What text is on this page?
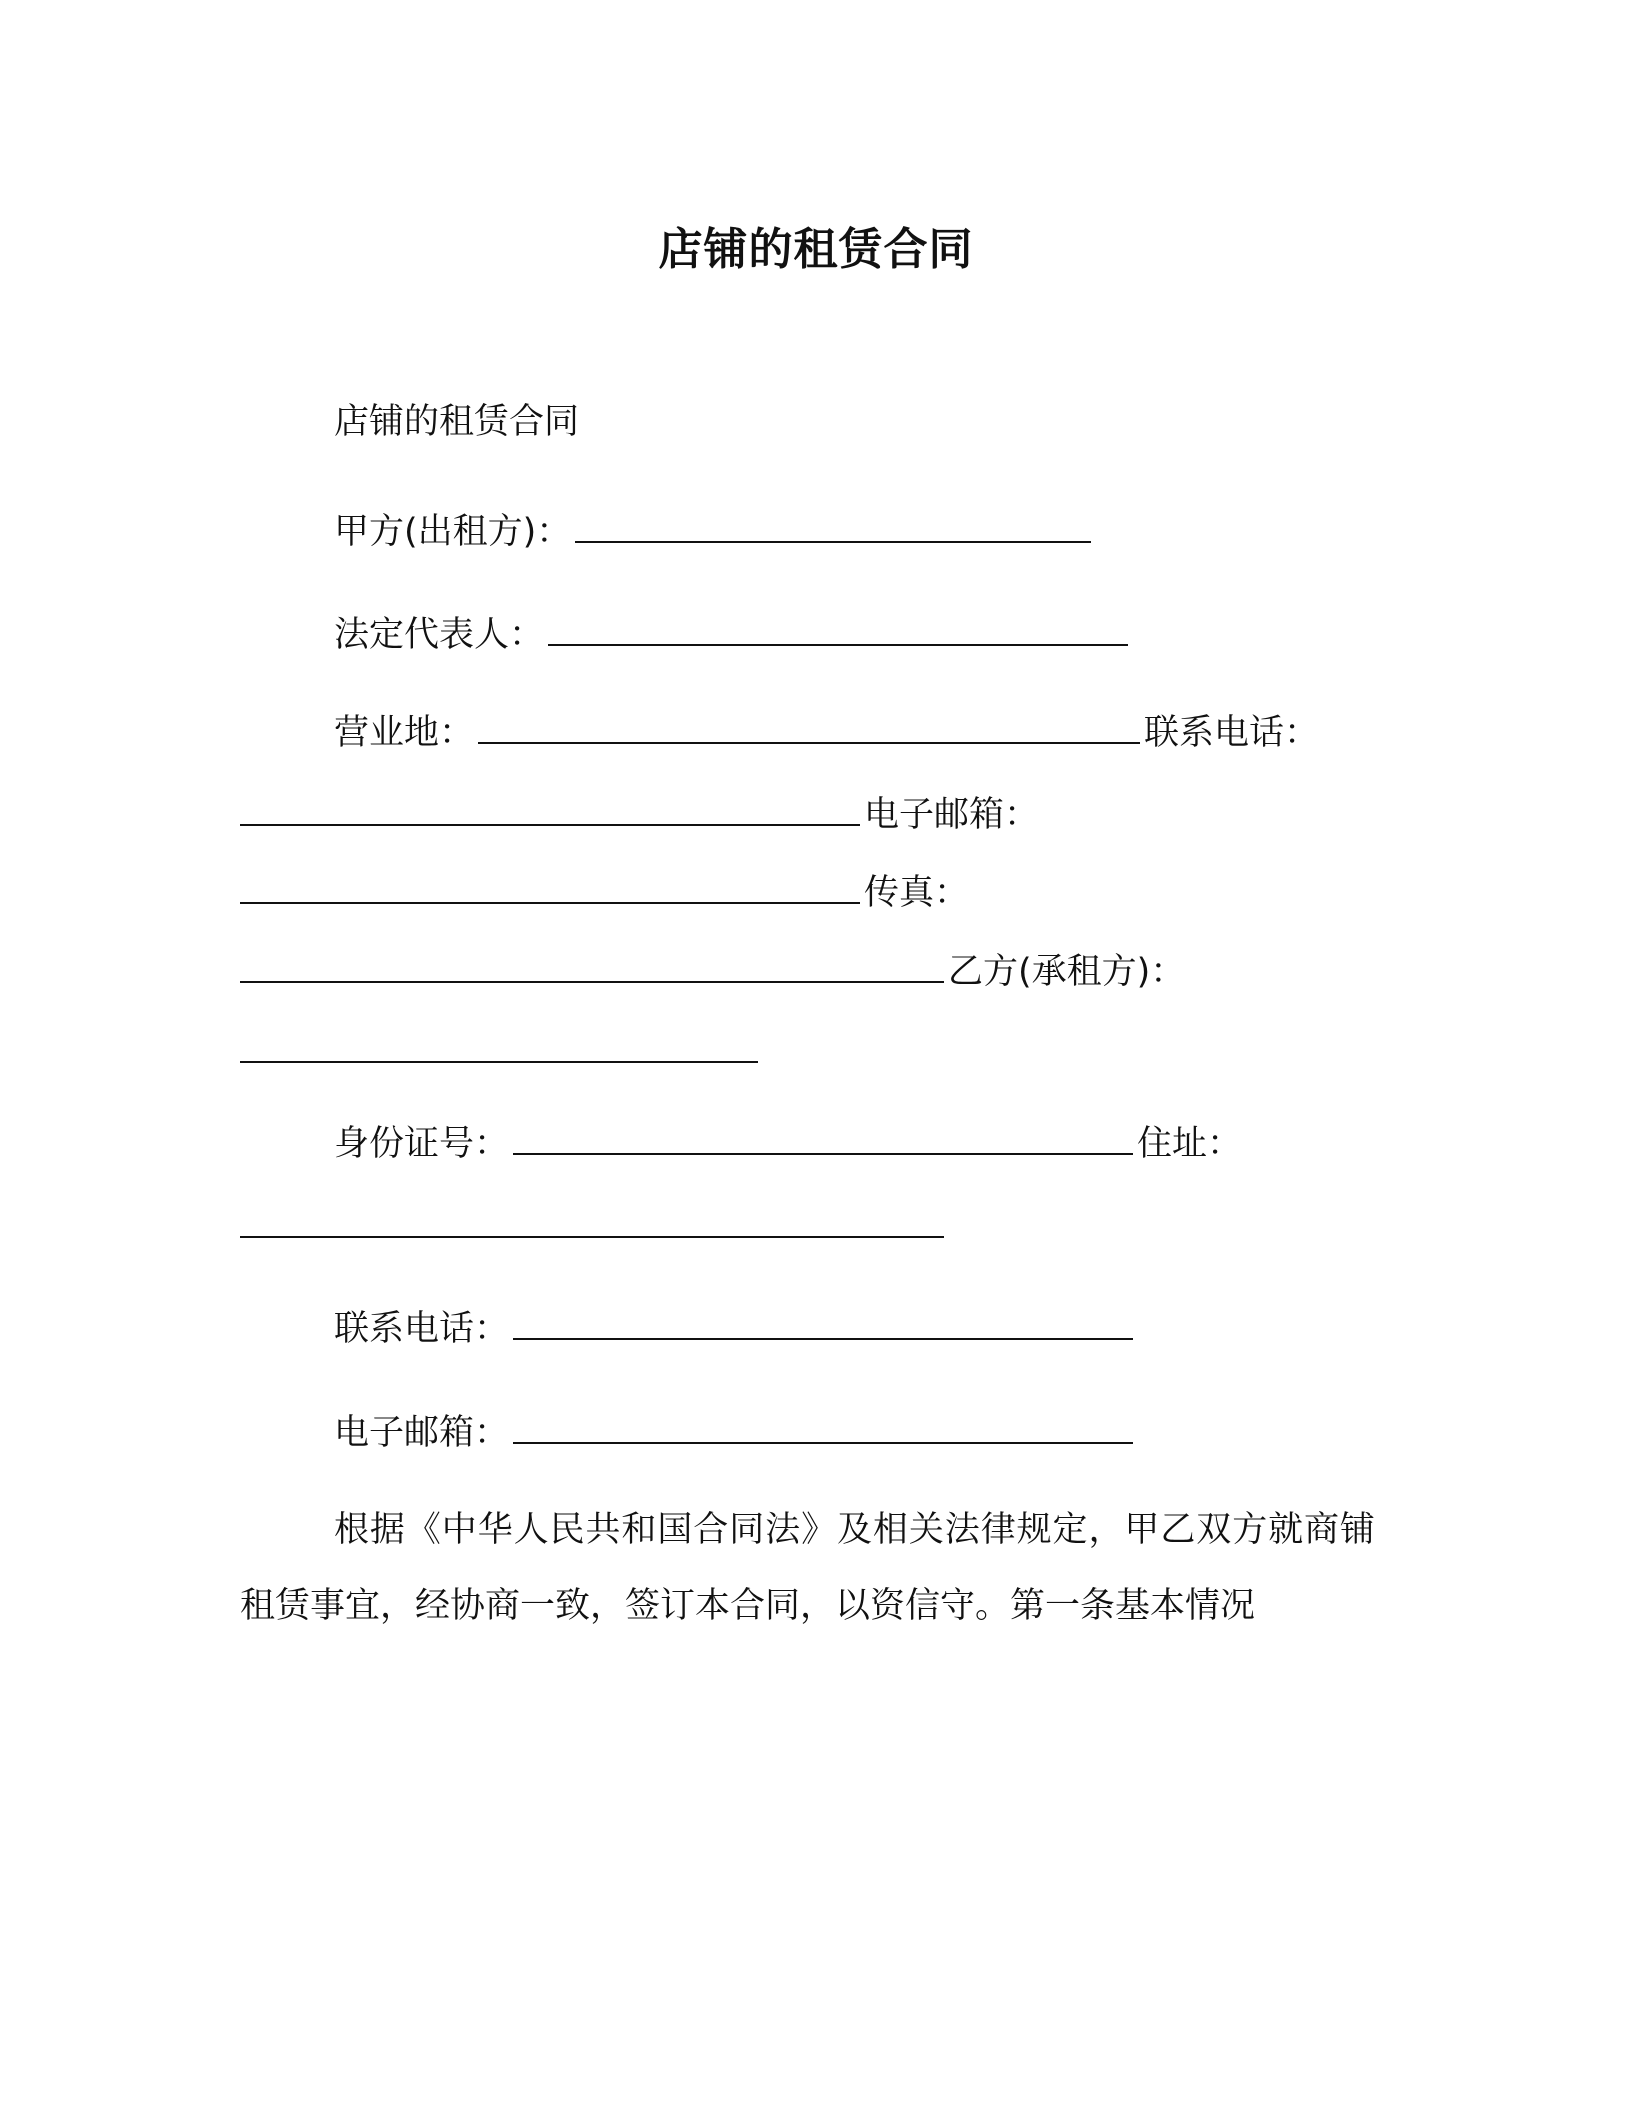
店铺的租赁合同
店铺的租赁合同
甲方(出租方)：
法定代表人：
营业地：	联系电话：
电子邮箱：
传真：
乙方(承租方)：
身份证号：	住址：
联系电话：
电子邮箱：
根据《中华人民共和国合同法》及相关法律规定，甲乙双方就商铺租赁事宜，经协商一致，签订本合同，以资信守。第一条基本情况
